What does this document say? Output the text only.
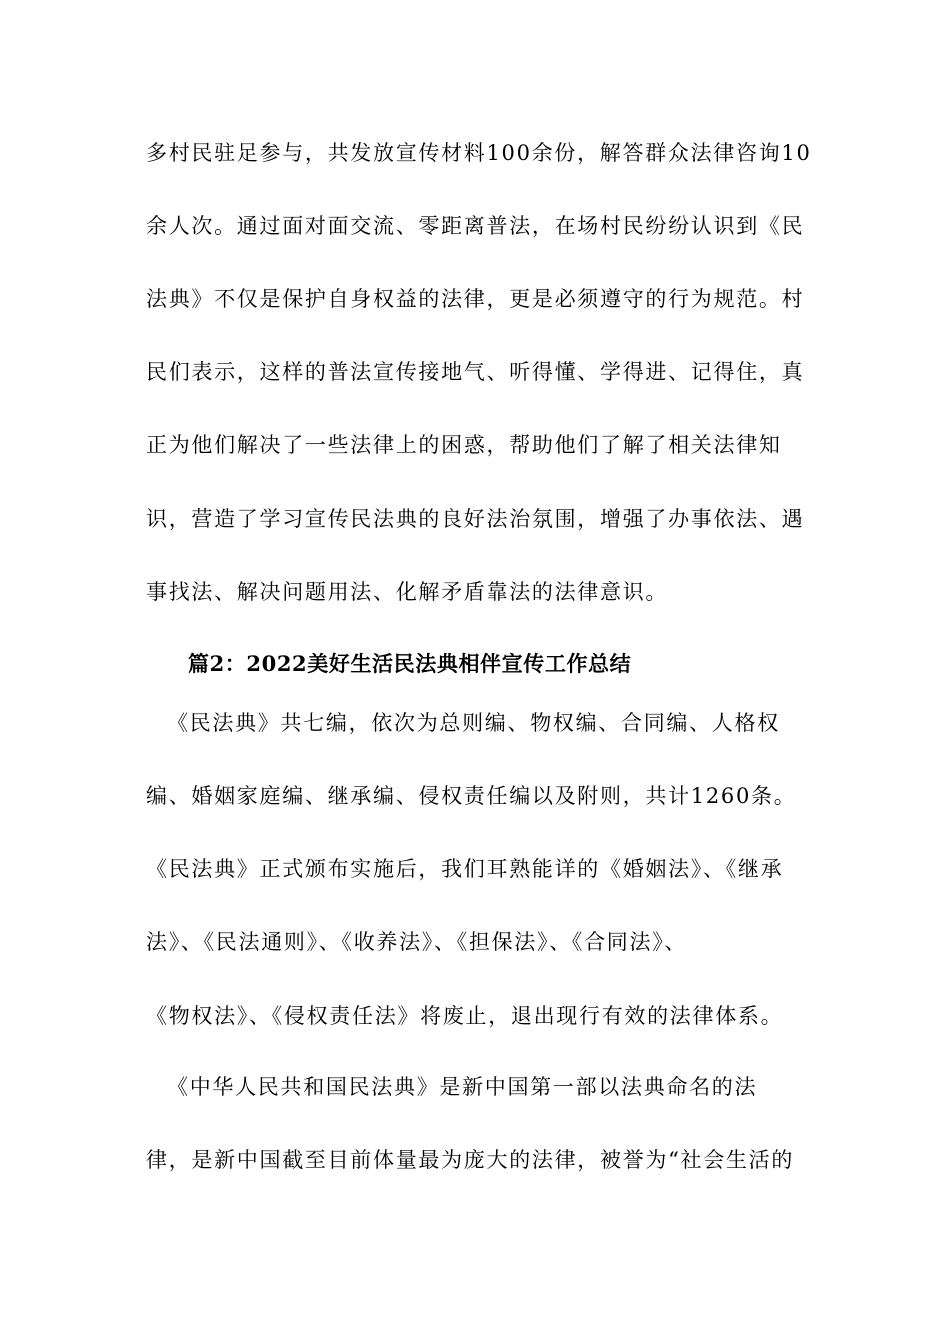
多村民驻足参与，共发放宣传材料100余份，解答群众法律咨询10
余人次。通过面对面交流、零距离普法，在场村民纷纷认识到《民
法典》不仅是保护自身权益的法律，更是必须遵守的行为规范。村
民们表示，这样的普法宣传接地气、听得懂、学得进、记得住，真
正为他们解决了一些法律上的困惑，帮助他们了解了相关法律知
识，营造了学习宣传民法典的良好法治氛围，增强了办事依法、遇
事找法、解决问题用法、化解矛盾靠法的法律意识。
篇2：2022美好生活民法典相伴宣传工作总结
《民法典》共七编，依次为总则编、物权编、合同编、人格权
编、婚姻家庭编、继承编、侵权责任编以及附则，共计1260条。
《民法典》正式颁布实施后，我们耳熟能详的《婚姻法》、《继承
法》、《民法通则》、《收养法》、《担保法》、《合同法》、
《物权法》、《侵权责任法》将废止，退出现行有效的法律体系。
《中华人民共和国民法典》是新中国第一部以法典命名的法
律，是新中国截至目前体量最为庞大的法律，被誉为“社会生活的
